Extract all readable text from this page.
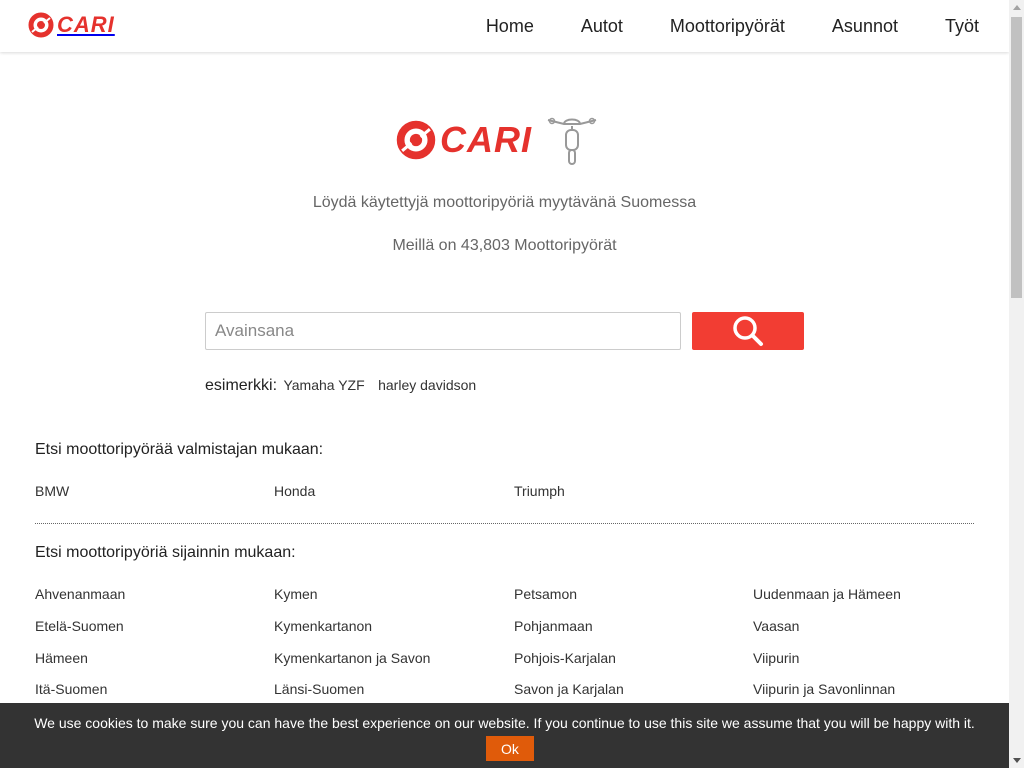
CARI	Home	Autot	Moottoripyörät	Asunnot	Työt
CARI
Löydä käytettyjä moottoripyöriä myytävänä Suomessa
Meillä on 43,803 Moottoripyörät
Avainsana
esimerkki: Yamaha YZF harley davidson
Etsi moottoripyörää valmistajan mukaan:
BMW	Honda	Triumph
Etsi moottoripyöriä sijainnin mukaan:
Ahvenanmaan	Kymen	Petsamon	Uudenmaan ja Hämeen
Etelä-Suomen	Kymenkartanon	Pohjanmaan	Vaasan
Hämeen	Kymenkartanon ja Savon	Pohjois-Karjalan	Viipurin
Itä-Suomen	Länsi-Suomen	Savon ja Karjalan	Viipurin ja Savonlinnan
We use cookies to make sure you can have the best experience on our website. If you continue to use this site we assume that you will be happy with it.
Ok
